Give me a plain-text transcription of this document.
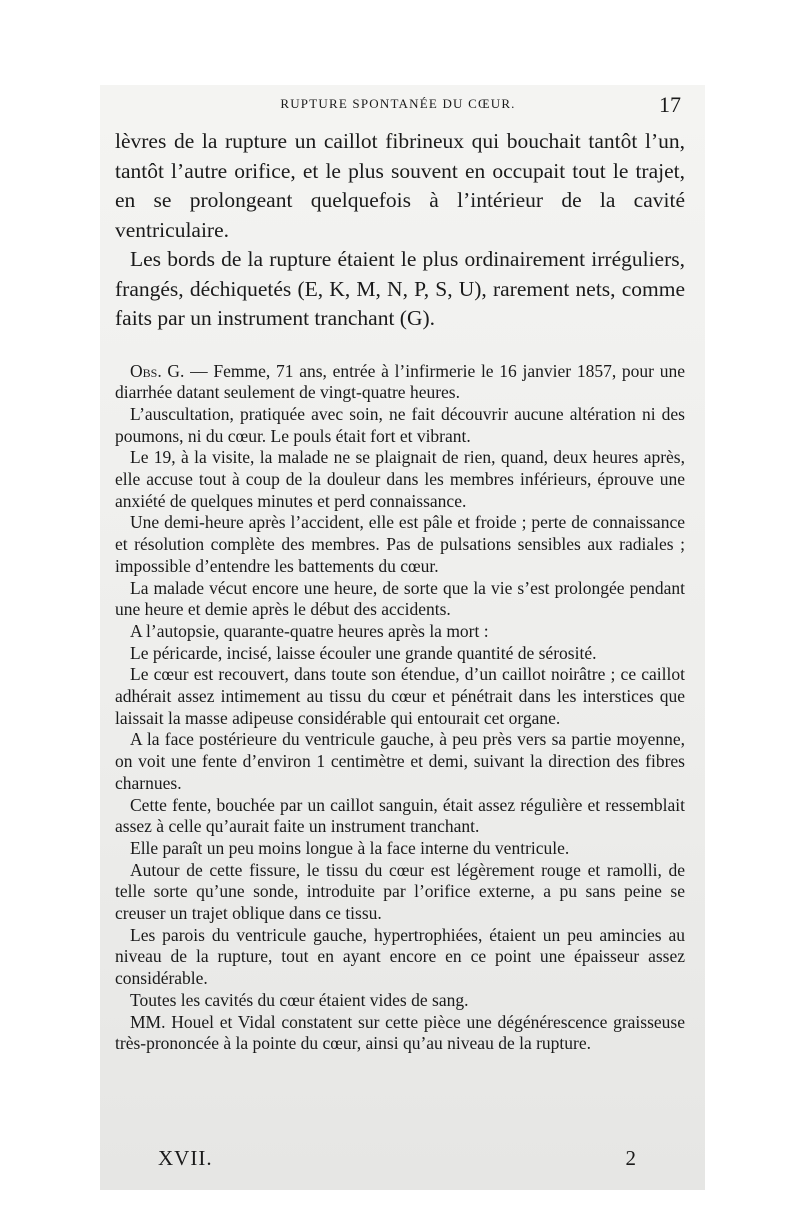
RUPTURE SPONTANÉE DU CŒUR.	17

lèvres de la rupture un caillot fibrineux qui bouchait tantôt l’un, tantôt l’autre orifice, et le plus souvent en occupait tout le trajet, en se prolongeant quelquefois à l’intérieur de la cavité ventriculaire.

Les bords de la rupture étaient le plus ordinairement irréguliers, frangés, déchiquetés (E, K, M, N, P, S, U), rarement nets, comme faits par un instrument tranchant (G).

Obs. G. — Femme, 71 ans, entrée à l’infirmerie le 16 janvier 1857, pour une diarrhée datant seulement de vingt-quatre heures.

L’auscultation, pratiquée avec soin, ne fait découvrir aucune altération ni des poumons, ni du cœur. Le pouls était fort et vibrant.

Le 19, à la visite, la malade ne se plaignait de rien, quand, deux heures après, elle accuse tout à coup de la douleur dans les membres inférieurs, éprouve une anxiété de quelques minutes et perd connaissance.

Une demi-heure après l’accident, elle est pâle et froide ; perte de connaissance et résolution complète des membres. Pas de pulsations sensibles aux radiales ; impossible d’entendre les battements du cœur.

La malade vécut encore une heure, de sorte que la vie s’est prolongée pendant une heure et demie après le début des accidents.

A l’autopsie, quarante-quatre heures après la mort :

Le péricarde, incisé, laisse écouler une grande quantité de sérosité.

Le cœur est recouvert, dans toute son étendue, d’un caillot noirâtre ; ce caillot adhérait assez intimement au tissu du cœur et pénétrait dans les interstices que laissait la masse adipeuse considérable qui entourait cet organe.

A la face postérieure du ventricule gauche, à peu près vers sa partie moyenne, on voit une fente d’environ 1 centimètre et demi, suivant la direction des fibres charnues.

Cette fente, bouchée par un caillot sanguin, était assez régulière et ressemblait assez à celle qu’aurait faite un instrument tranchant.

Elle paraît un peu moins longue à la face interne du ventricule.

Autour de cette fissure, le tissu du cœur est légèrement rouge et ramolli, de telle sorte qu’une sonde, introduite par l’orifice externe, a pu sans peine se creuser un trajet oblique dans ce tissu.

Les parois du ventricule gauche, hypertrophiées, étaient un peu amincies au niveau de la rupture, tout en ayant encore en ce point une épaisseur assez considérable.

Toutes les cavités du cœur étaient vides de sang.

MM. Houel et Vidal constatent sur cette pièce une dégénérescence graisseuse très-prononcée à la pointe du cœur, ainsi qu’au niveau de la rupture.

XVII.	2
